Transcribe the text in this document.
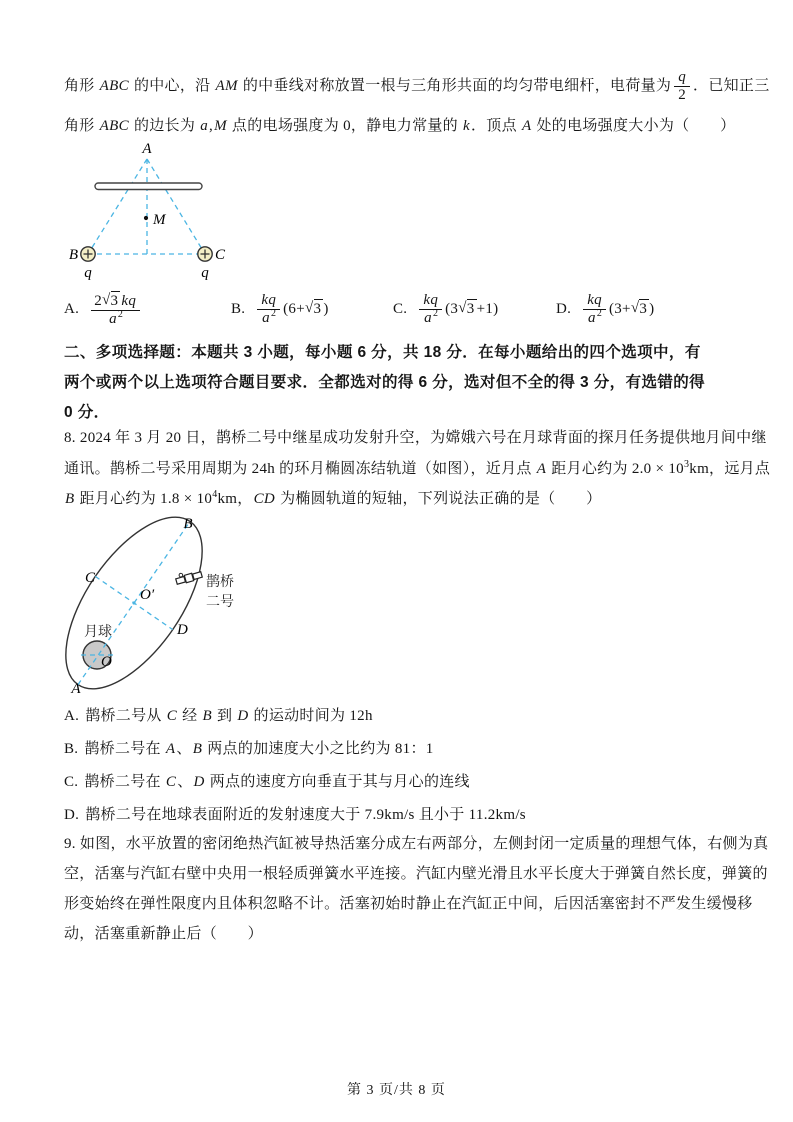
角形 ABC 的中心，沿 AM 的中垂线对称放置一根与三角形共面的均匀带电细杆，电荷量为 $\frac{q}{2}$ ．已知正三
角形 ABC 的边长为 a,M 点的电场强度为 0，静电力常量的 k．顶点 A 处的电场强度大小为（　　）
A
M
B	C
q	q
A. $\frac{2√3 kq}{a^2}$	B. $\frac{kq}{a^2} (6+√3$ )	C. $\frac{kq}{a^2} (3√3 +1)$	D. $\frac{kq}{a^2} (3+√3$ )
二、多项选择题：本题共 3 小题，每小题 6 分，共 18 分．在每小题给出的四个选项中，有
两个或两个以上选项符合题目要求．全都选对的得 6 分，选对但不全的得 3 分，有选错的得
0 分．
8. 2024 年 3 月 20 日，鹊桥二号中继星成功发射升空，为嫦娥六号在月球背面的探月任务提供地月间中继
通讯。鹊桥二号采用周期为 24h 的环月椭圆冻结轨道（如图），近月点 A 距月心约为 $2.0 \times 10^3km$，远月点
B 距月心约为 $1.8 \times 10^4km$，CD 为椭圆轨道的短轴，下列说法正确的是（　　）
B
C
O′
D
月球
O
A
鹊桥
二号
A. 鹊桥二号从 C 经 B 到 D 的运动时间为 12h
B. 鹊桥二号在 A、B 两点的加速度大小之比约为 81：1
C. 鹊桥二号在 C、D 两点的速度方向垂直于其与月心的连线
D. 鹊桥二号在地球表面附近的发射速度大于 7.9km/s 且小于 11.2km/s
9. 如图，水平放置的密闭绝热汽缸被导热活塞分成左右两部分，左侧封闭一定质量的理想气体，右侧为真
空，活塞与汽缸右壁中央用一根轻质弹簧水平连接。汽缸内壁光滑且水平长度大于弹簧自然长度，弹簧的
形变始终在弹性限度内且体积忽略不计。活塞初始时静止在汽缸正中间，后因活塞密封不严发生缓慢移
动，活塞重新静止后（　　）
第 3 页/共 8 页
